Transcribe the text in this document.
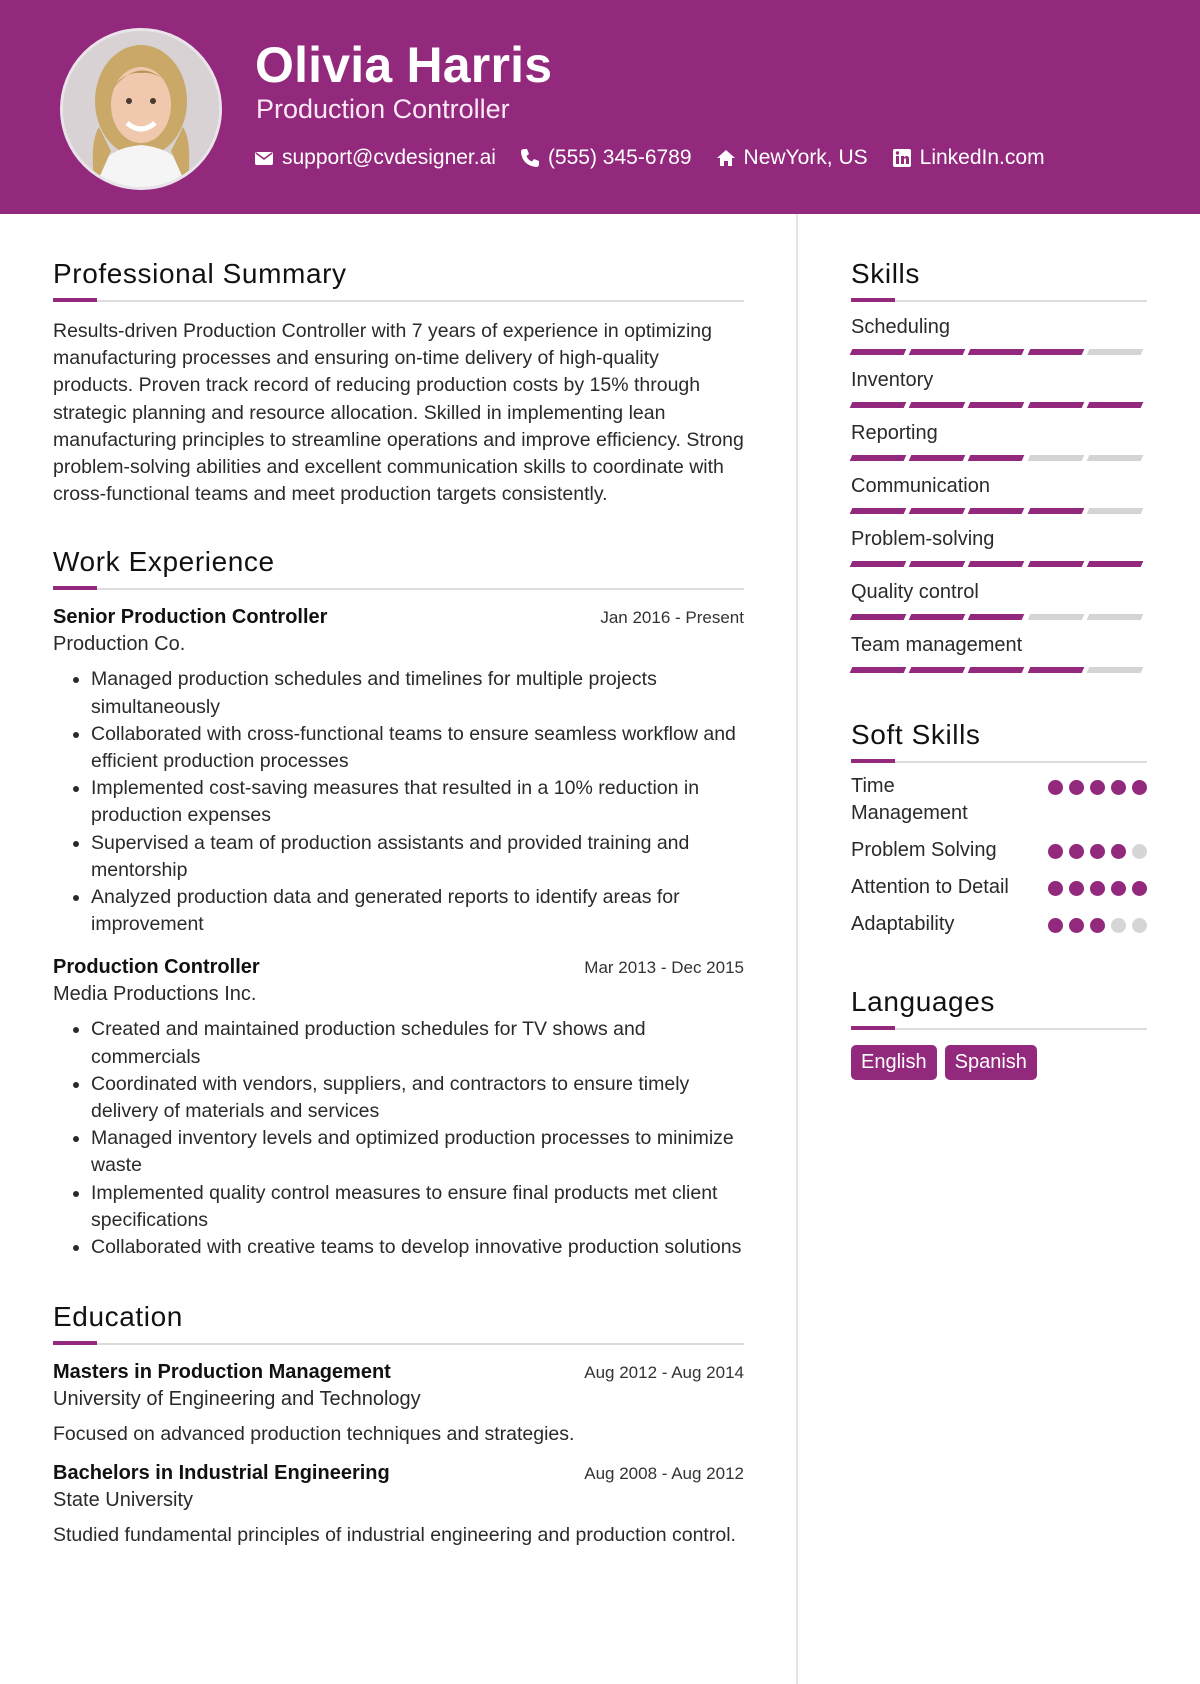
Olivia Harris
Production Controller
support@cvdesigner.ai (555) 345-6789 NewYork, US LinkedIn.com
Professional Summary

Results-driven Production Controller with 7 years of experience in optimizing manufacturing processes and ensuring on-time delivery of high-quality products. Proven track record of reducing production costs by 15% through strategic planning and resource allocation. Skilled in implementing lean manufacturing principles to streamline operations and improve efficiency. Strong problem-solving abilities and excellent communication skills to coordinate with cross-functional teams and meet production targets consistently.

Work Experience
Senior Production Controller	Jan 2016 - Present
Production Co.
• Managed production schedules and timelines for multiple projects simultaneously
• Collaborated with cross-functional teams to ensure seamless workflow and efficient production processes
• Implemented cost-saving measures that resulted in a 10% reduction in production expenses
• Supervised a team of production assistants and provided training and mentorship
• Analyzed production data and generated reports to identify areas for improvement
Production Controller	Mar 2013 - Dec 2015
Media Productions Inc.
• Created and maintained production schedules for TV shows and commercials
• Coordinated with vendors, suppliers, and contractors to ensure timely delivery of materials and services
• Managed inventory levels and optimized production processes to minimize waste
• Implemented quality control measures to ensure final products met client specifications
• Collaborated with creative teams to develop innovative production solutions
Education
Masters in Production Management	Aug 2012 - Aug 2014
University of Engineering and Technology
Focused on advanced production techniques and strategies.
Bachelors in Industrial Engineering	Aug 2008 - Aug 2012
State University
Studied fundamental principles of industrial engineering and production control.
Skills
Scheduling
Inventory
Reporting
Communication
Problem-solving
Quality control
Team management
Soft Skills
Time Management
Problem Solving
Attention to Detail
Adaptability
Languages
English	Spanish
